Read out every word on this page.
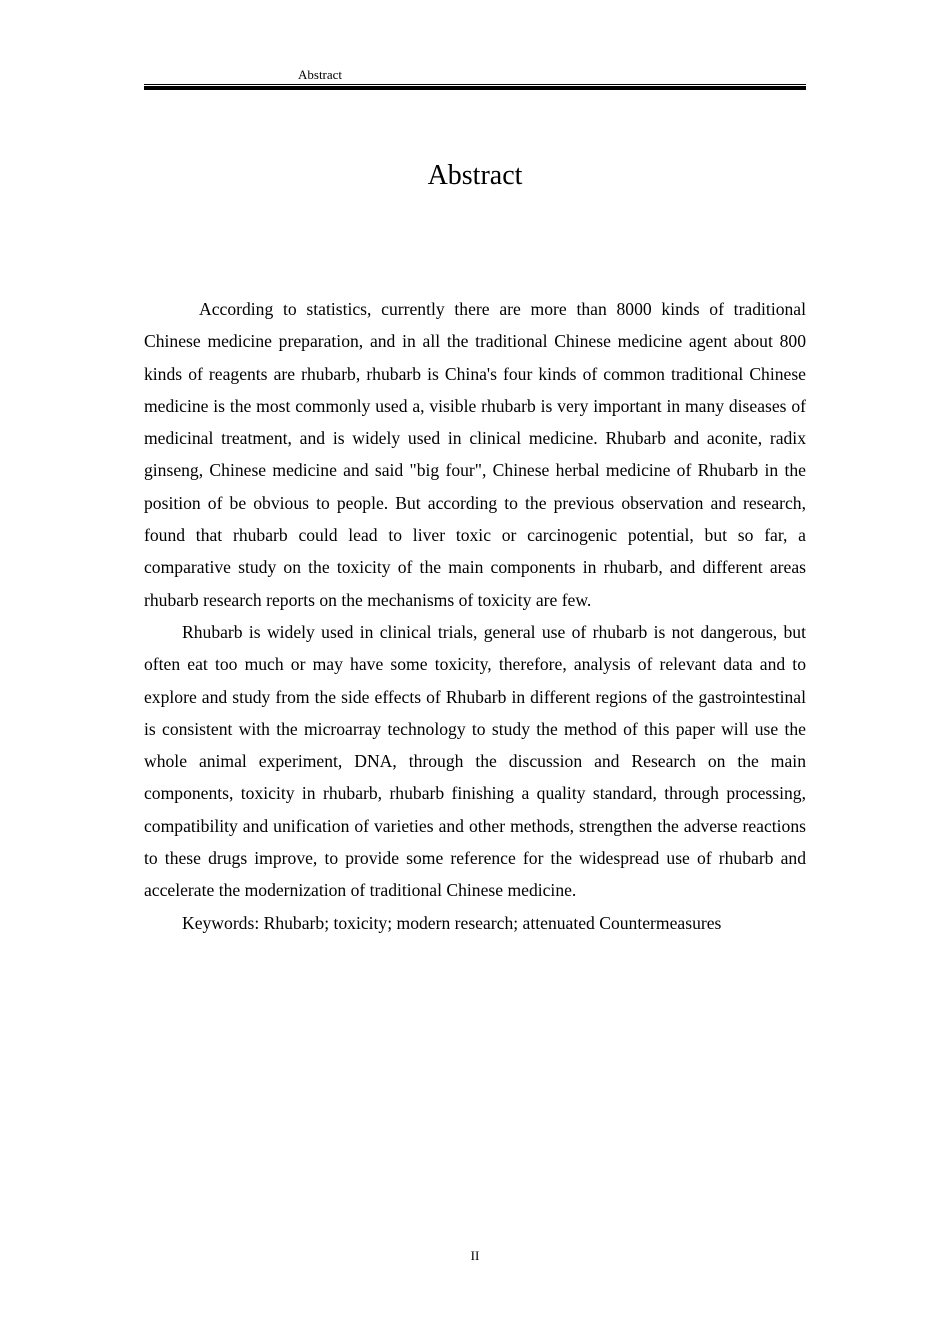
Abstract
Abstract

According to statistics, currently there are more than 8000 kinds of traditional Chinese medicine preparation, and in all the traditional Chinese medicine agent about 800 kinds of reagents are rhubarb, rhubarb is China's four kinds of common traditional Chinese medicine is the most commonly used a, visible rhubarb is very important in many diseases of medicinal treatment, and is widely used in clinical medicine. Rhubarb and aconite, radix ginseng, Chinese medicine and said "big four", Chinese herbal medicine of Rhubarb in the position of be obvious to people. But according to the previous observation and research, found that rhubarb could lead to liver toxic or carcinogenic potential, but so far, a comparative study on the toxicity of the main components in rhubarb, and different areas rhubarb research reports on the mechanisms of toxicity are few.

Rhubarb is widely used in clinical trials, general use of rhubarb is not dangerous, but often eat too much or may have some toxicity, therefore, analysis of relevant data and to explore and study from the side effects of Rhubarb in different regions of the gastrointestinal is consistent with the microarray technology to study the method of this paper will use the whole animal experiment, DNA, through the discussion and Research on the main components, toxicity in rhubarb, rhubarb finishing a quality standard, through processing, compatibility and unification of varieties and other methods, strengthen the adverse reactions to these drugs improve, to provide some reference for the widespread use of rhubarb and accelerate the modernization of traditional Chinese medicine.

Keywords: Rhubarb; toxicity; modern research; attenuated Countermeasures

II
